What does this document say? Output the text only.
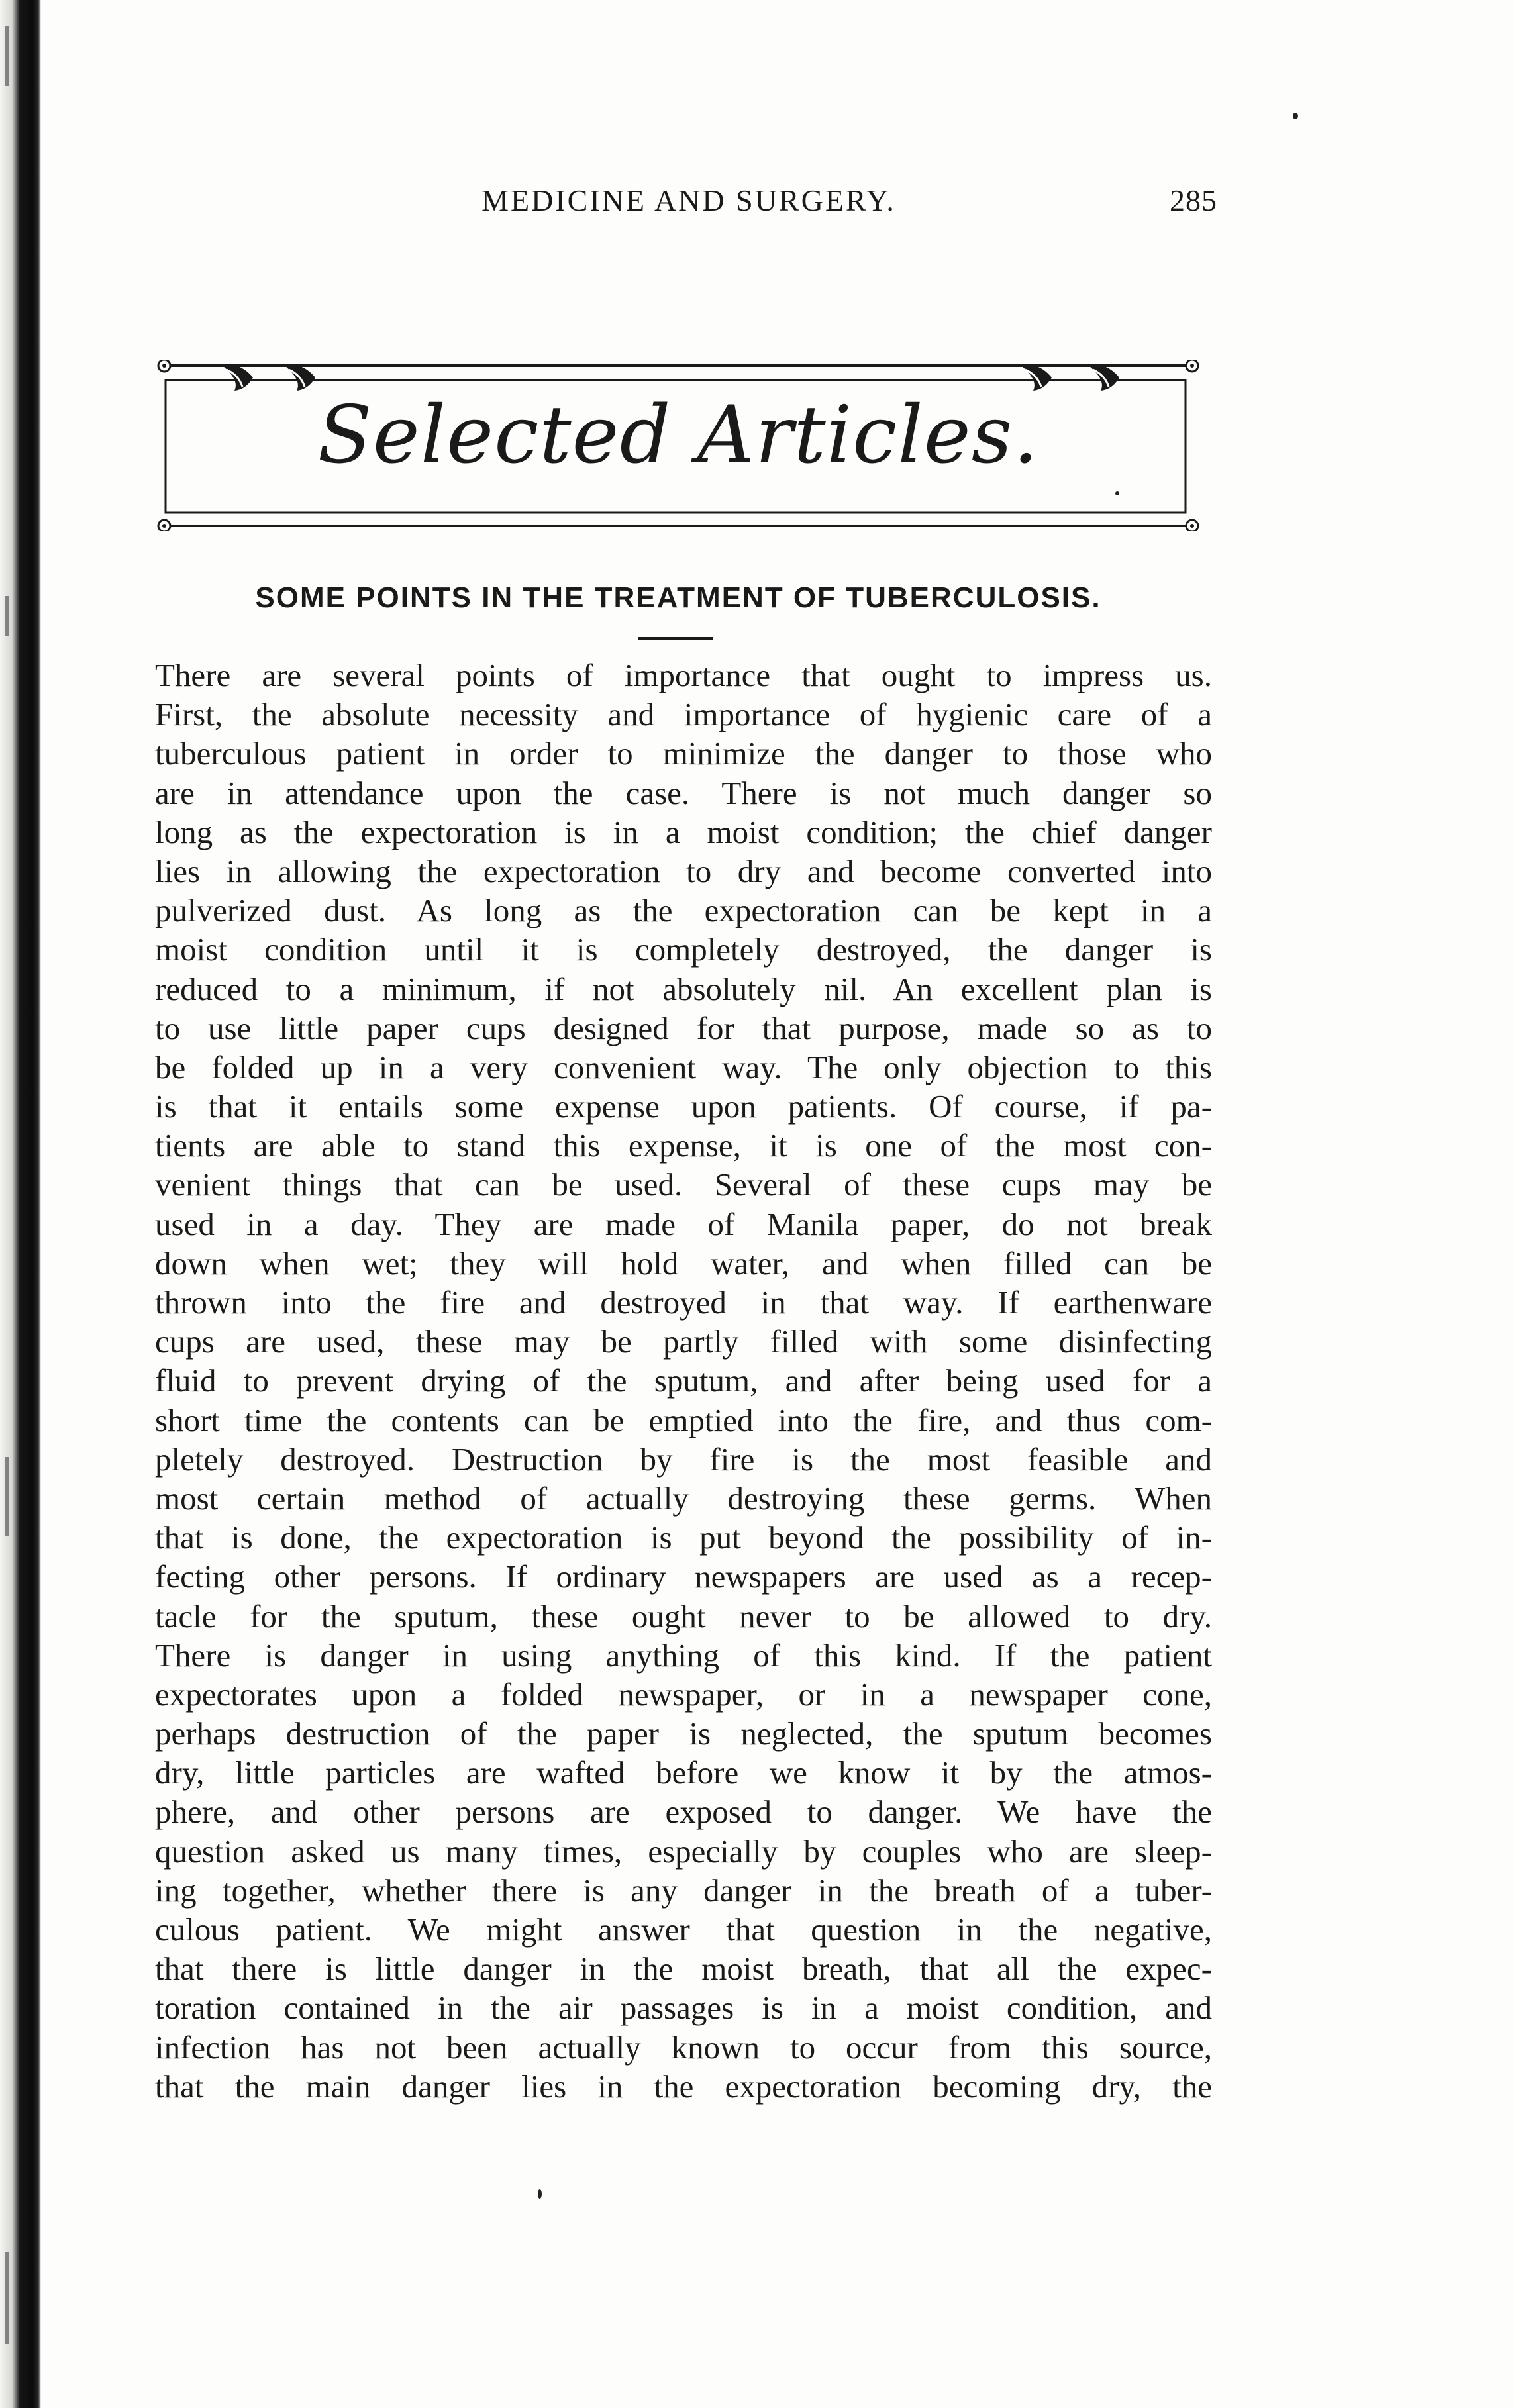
MEDICINE AND SURGERY.	285
Selected Articles.
SOME POINTS IN THE TREATMENT OF TUBERCULOSIS.
There are several points of importance that ought to impress us.
First, the absolute necessity and importance of hygienic care of a
tuberculous patient in order to minimize the danger to those who
are in attendance upon the case. There is not much danger so
long as the expectoration is in a moist condition; the chief danger
lies in allowing the expectoration to dry and become converted into
pulverized dust. As long as the expectoration can be kept in a
moist condition until it is completely destroyed, the danger is
reduced to a minimum, if not absolutely nil. An excellent plan is
to use little paper cups designed for that purpose, made so as to
be folded up in a very convenient way. The only objection to this
is that it entails some expense upon patients. Of course, if pa-
tients are able to stand this expense, it is one of the most con-
venient things that can be used. Several of these cups may be
used in a day. They are made of Manila paper, do not break
down when wet; they will hold water, and when filled can be
thrown into the fire and destroyed in that way. If earthenware
cups are used, these may be partly filled with some disinfecting
fluid to prevent drying of the sputum, and after being used for a
short time the contents can be emptied into the fire, and thus com-
pletely destroyed. Destruction by fire is the most feasible and
most certain method of actually destroying these germs. When
that is done, the expectoration is put beyond the possibility of in-
fecting other persons. If ordinary newspapers are used as a recep-
tacle for the sputum, these ought never to be allowed to dry.
There is danger in using anything of this kind. If the patient
expectorates upon a folded newspaper, or in a newspaper cone,
perhaps destruction of the paper is neglected, the sputum becomes
dry, little particles are wafted before we know it by the atmos-
phere, and other persons are exposed to danger. We have the
question asked us many times, especially by couples who are sleep-
ing together, whether there is any danger in the breath of a tuber-
culous patient. We might answer that question in the negative,
that there is little danger in the moist breath, that all the expec-
toration contained in the air passages is in a moist condition, and
infection has not been actually known to occur from this source,
that the main danger lies in the expectoration becoming dry, the
